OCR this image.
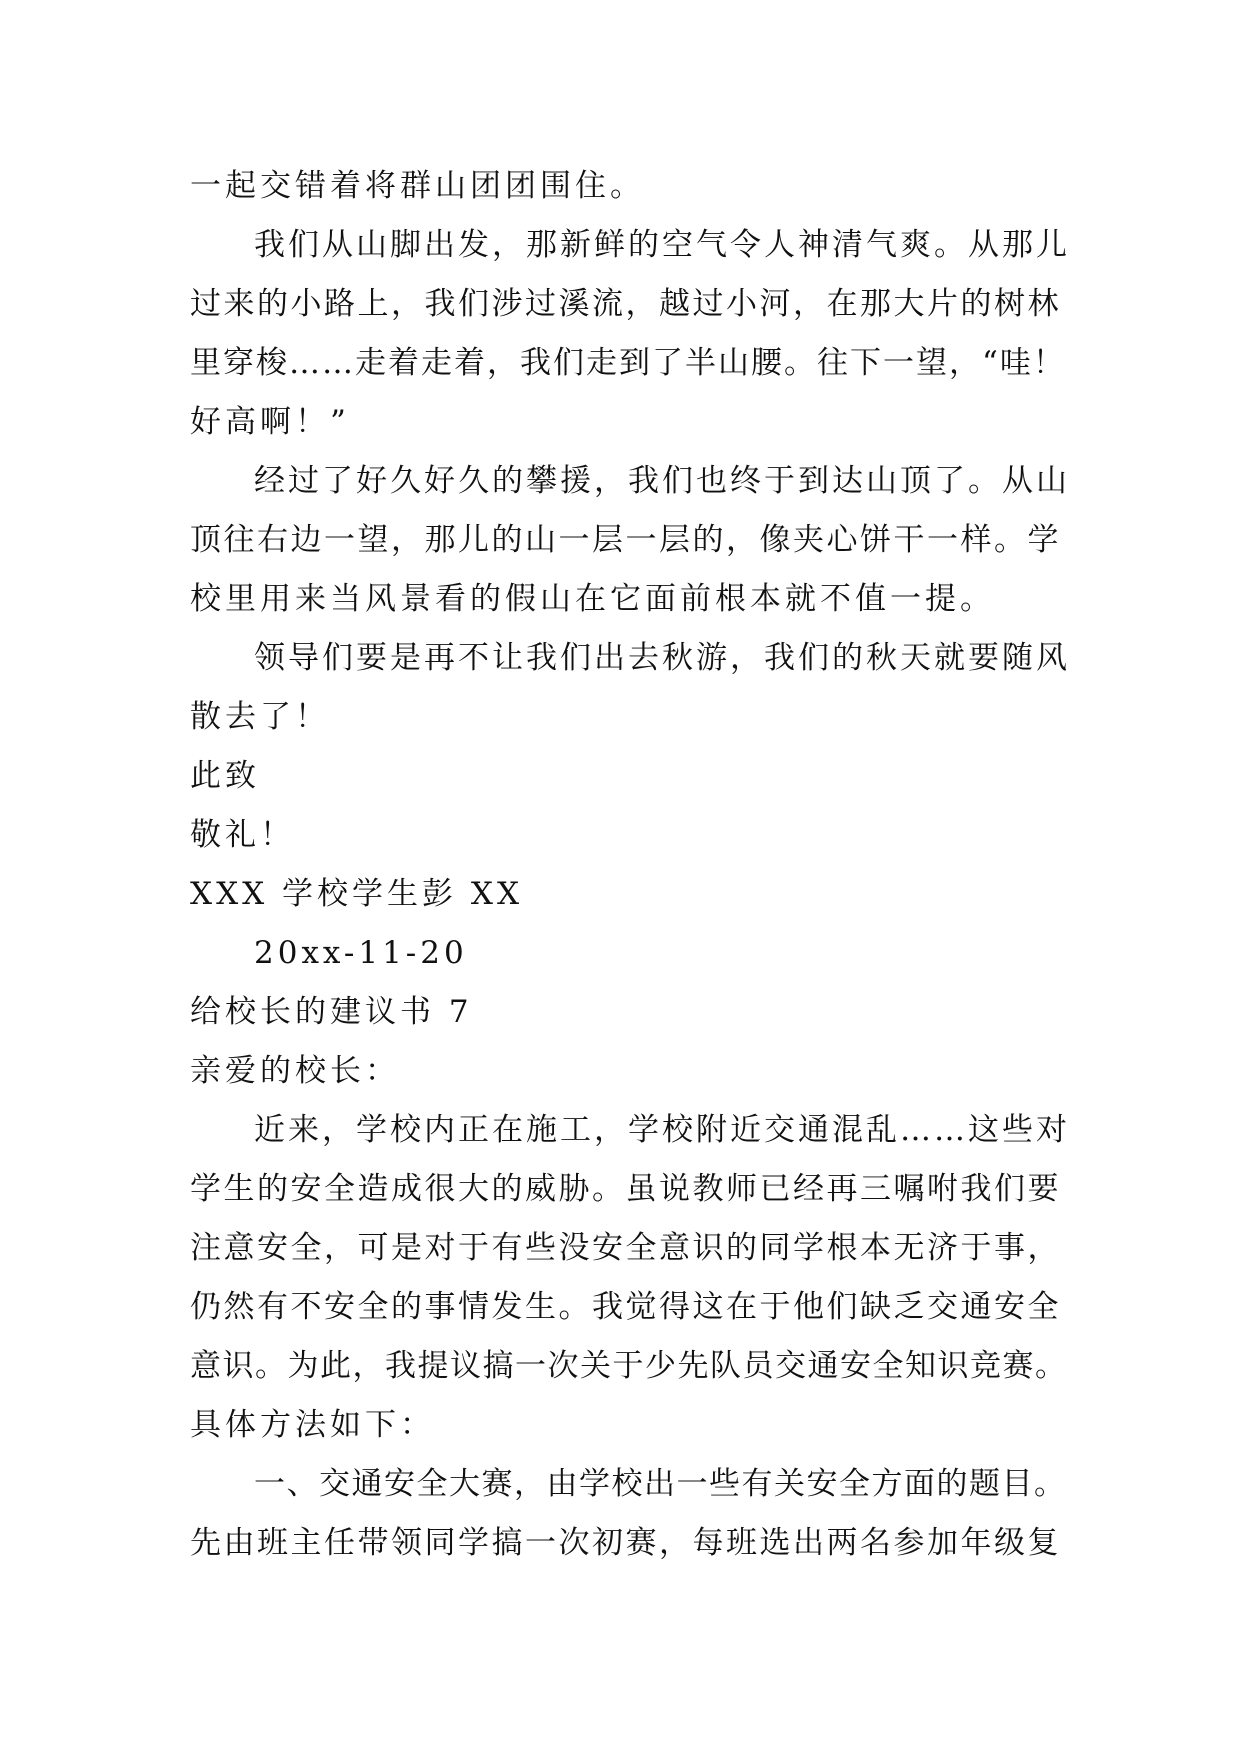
一起交错着将群山团团围住。
我们从山脚出发，那新鲜的空气令人神清气爽。从那儿
过来的小路上，我们涉过溪流，越过小河，在那大片的树林
里穿梭……走着走着，我们走到了半山腰。往下一望，“哇！
好高啊！”
经过了好久好久的攀援，我们也终于到达山顶了。从山
顶往右边一望，那儿的山一层一层的，像夹心饼干一样。学
校里用来当风景看的假山在它面前根本就不值一提。
领导们要是再不让我们出去秋游，我们的秋天就要随风
散去了！
此致
敬礼！
XXX 学校学生彭 XX
20xx-11-20
给校长的建议书 7
亲爱的校长：
近来，学校内正在施工，学校附近交通混乱……这些对
学生的安全造成很大的威胁。虽说教师已经再三嘱咐我们要
注意安全，可是对于有些没安全意识的同学根本无济于事，
仍然有不安全的事情发生。我觉得这在于他们缺乏交通安全
意识。为此，我提议搞一次关于少先队员交通安全知识竞赛。
具体方法如下：
一、交通安全大赛，由学校出一些有关安全方面的题目。
先由班主任带领同学搞一次初赛，每班选出两名参加年级复
